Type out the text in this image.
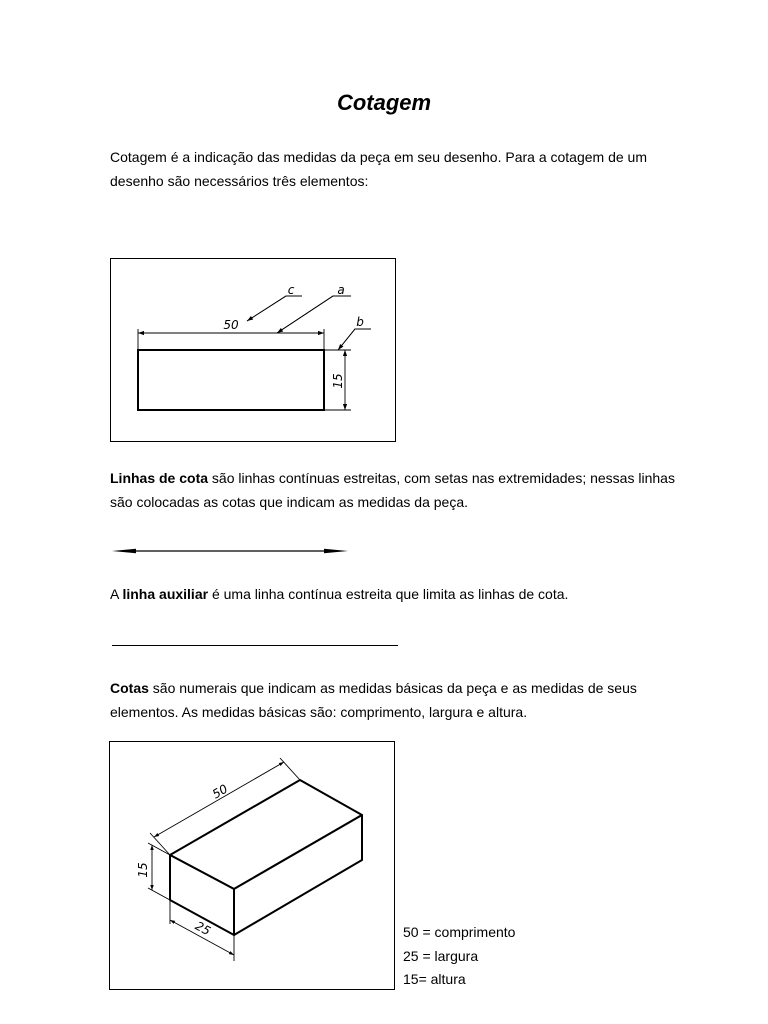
Cotagem

Cotagem é a indicação das medidas da peça em seu desenho. Para a cotagem de um desenho são necessários três elementos:

50
15
c	a
b

Linhas de cota são linhas contínuas estreitas, com setas nas extremidades; nessas linhas são colocadas as cotas que indicam as medidas da peça.

A linha auxiliar é uma linha contínua estreita que limita as linhas de cota.

Cotas são numerais que indicam as medidas básicas da peça e as medidas de seus elementos. As medidas básicas são: comprimento, largura e altura.

50
15
25	50 = comprimento
25 = largura
15= altura
